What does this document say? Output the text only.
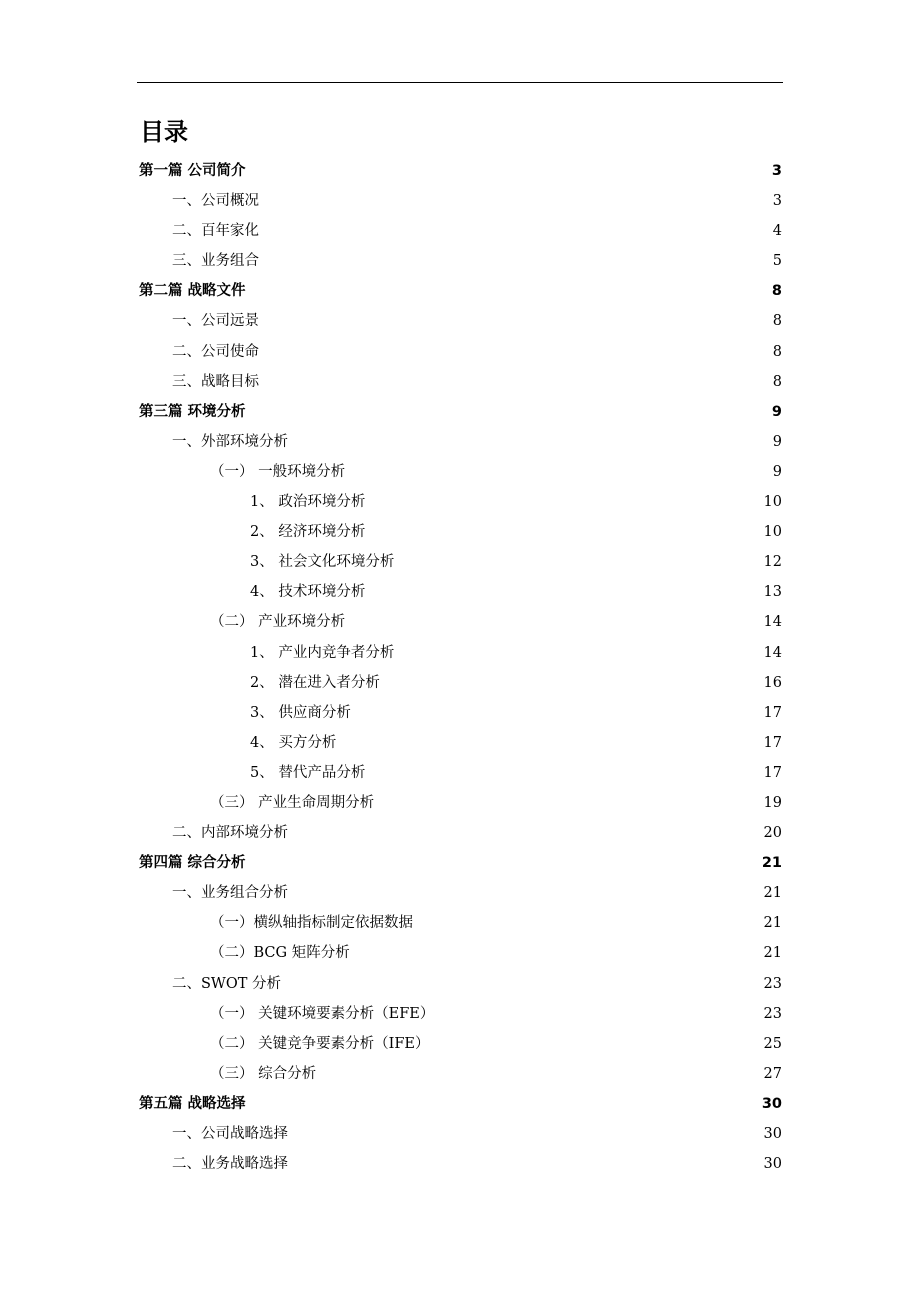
目录
第一篇 公司简介	3
一、公司概况	3
二、百年家化	4
三、业务组合	5
第二篇 战略文件	8
一、公司远景	8
二、公司使命	8
三、战略目标	8
第三篇 环境分析	9
一、外部环境分析	9
（一） 一般环境分析	9
1、 政治环境分析	10
2、 经济环境分析	10
3、 社会文化环境分析	12
4、 技术环境分析	13
（二） 产业环境分析	14
1、 产业内竞争者分析	14
2、 潜在进入者分析	16
3、 供应商分析	17
4、 买方分析	17
5、 替代产品分析	17
（三） 产业生命周期分析	19
二、内部环境分析	20
第四篇 综合分析	21
一、业务组合分析	21
（一）横纵轴指标制定依据数据	21
（二）BCG 矩阵分析	21
二、SWOT 分析	23
（一） 关键环境要素分析（EFE）	23
（二） 关键竞争要素分析（IFE）	25
（三） 综合分析	27
第五篇 战略选择	30
一、公司战略选择	30
二、业务战略选择	30
